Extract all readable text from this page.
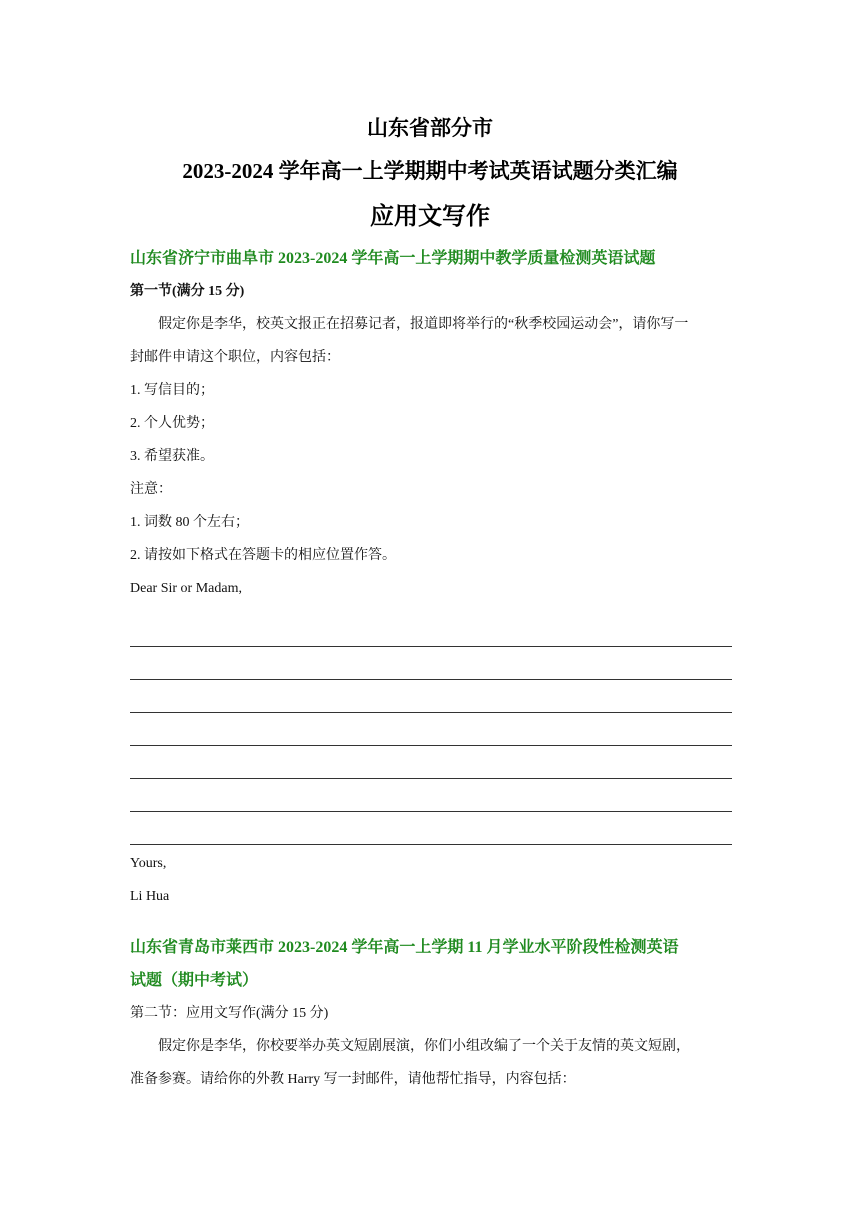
山东省部分市
2023-2024 学年高一上学期期中考试英语试题分类汇编
应用文写作
山东省济宁市曲阜市 2023-2024 学年高一上学期期中教学质量检测英语试题
第一节(满分 15 分)
假定你是李华，校英文报正在招募记者，报道即将举行的“秋季校园运动会”，请你写一
封邮件申请这个职位，内容包括：
1. 写信目的；
2. 个人优势；
3. 希望获准。
注意：
1. 词数 80 个左右；
2. 请按如下格式在答题卡的相应位置作答。
Dear Sir or Madam,
Yours,
Li Hua
山东省青岛市莱西市 2023-2024 学年高一上学期 11 月学业水平阶段性检测英语
试题（期中考试）
第二节：应用文写作(满分 15 分)
假定你是李华，你校要举办英文短剧展演，你们小组改编了一个关于友情的英文短剧，
准备参赛。请给你的外教 Harry 写一封邮件，请他帮忙指导，内容包括：
